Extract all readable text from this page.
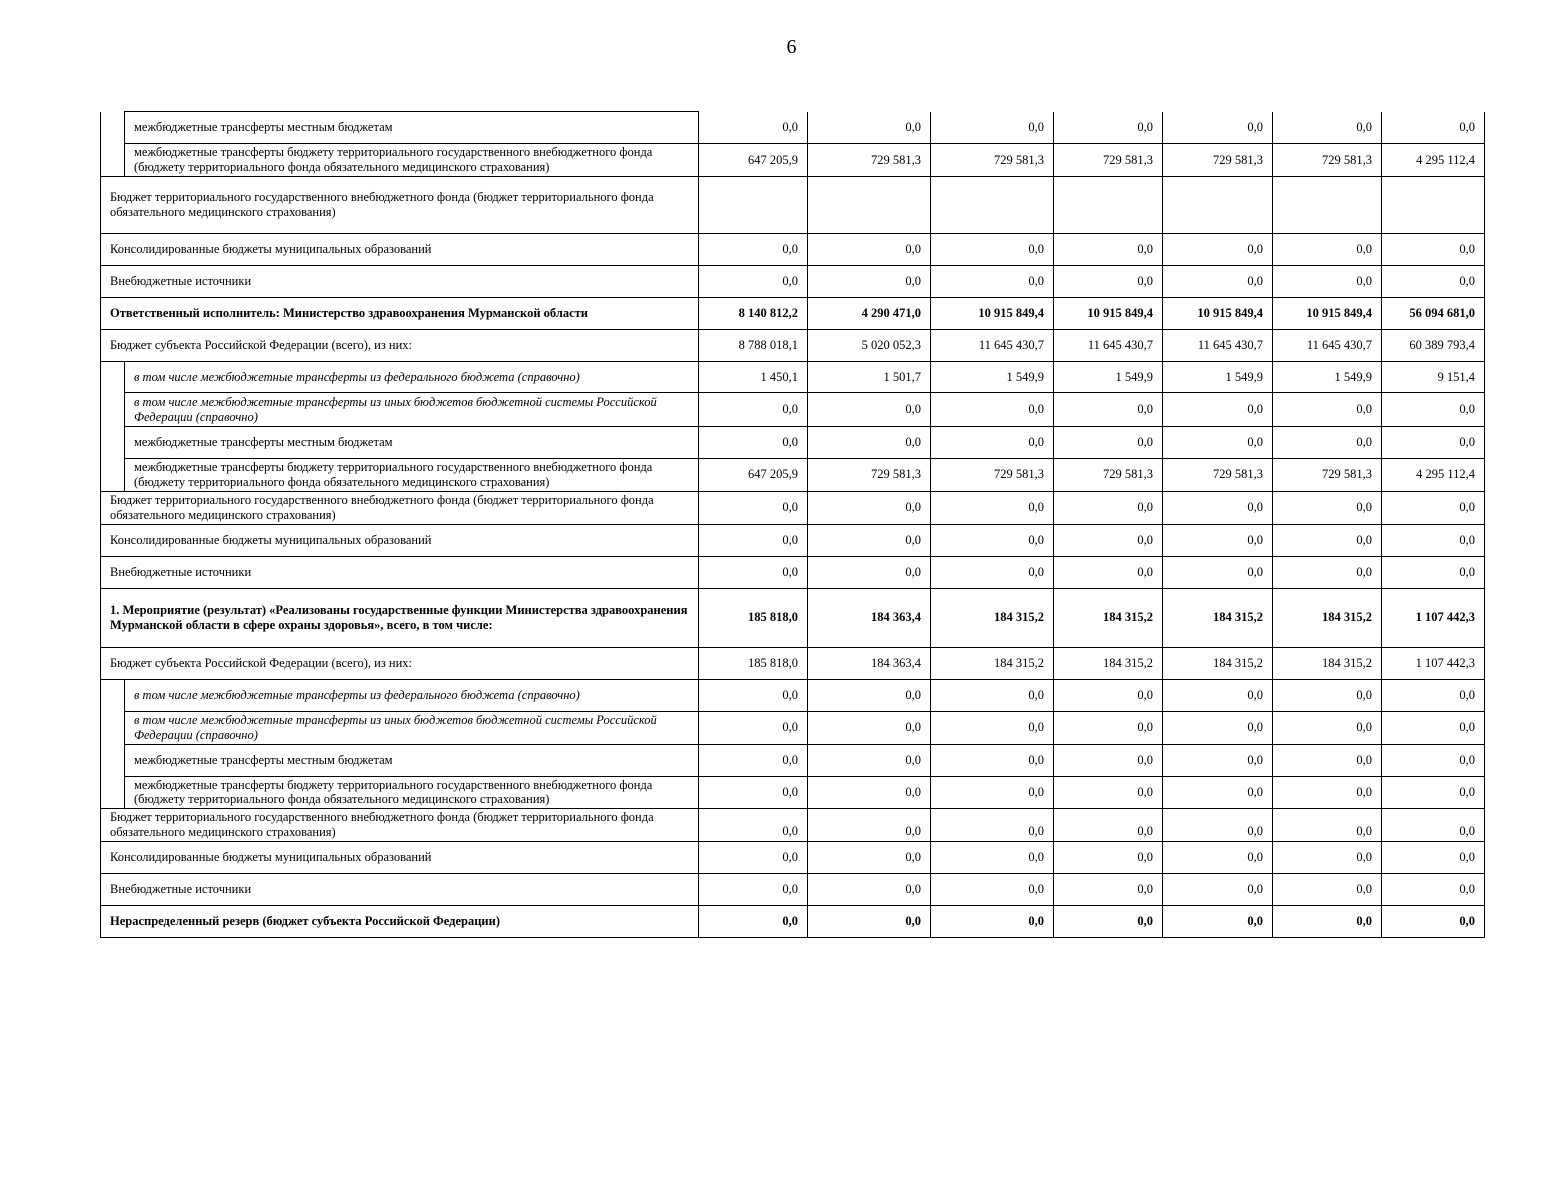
6
	межбюджетные трансферты местным бюджетам	0,0	0,0	0,0	0,0	0,0	0,0	0,0
	межбюджетные трансферты бюджету территориального государственного внебюджетного фонда (бюджету территориального фонда обязательного медицинского страхования)	647 205,9	729 581,3	729 581,3	729 581,3	729 581,3	729 581,3	4 295 112,4
Бюджет территориального государственного внебюджетного фонда (бюджет территориального фонда обязательного медицинского страхования)								
Консолидированные бюджеты муниципальных образований		0,0	0,0	0,0	0,0	0,0	0,0	0,0
Внебюджетные источники		0,0	0,0	0,0	0,0	0,0	0,0	0,0
Ответственный исполнитель: Министерство здравоохранения Мурманской области		8 140 812,2	4 290 471,0	10 915 849,4	10 915 849,4	10 915 849,4	10 915 849,4	56 094 681,0
Бюджет субъекта Российской Федерации (всего), из них:		8 788 018,1	5 020 052,3	11 645 430,7	11 645 430,7	11 645 430,7	11 645 430,7	60 389 793,4
	в том числе межбюджетные трансферты из федерального бюджета (справочно)	1 450,1	1 501,7	1 549,9	1 549,9	1 549,9	1 549,9	9 151,4
	в том числе межбюджетные трансферты из иных бюджетов бюджетной системы Российской Федерации (справочно)	0,0	0,0	0,0	0,0	0,0	0,0	0,0
	межбюджетные трансферты местным бюджетам	0,0	0,0	0,0	0,0	0,0	0,0	0,0
	межбюджетные трансферты бюджету территориального государственного внебюджетного фонда (бюджету территориального фонда обязательного медицинского страхования)	647 205,9	729 581,3	729 581,3	729 581,3	729 581,3	729 581,3	4 295 112,4
Бюджет территориального государственного внебюджетного фонда (бюджет территориального фонда обязательного медицинского страхования)		0,0	0,0	0,0	0,0	0,0	0,0	0,0
Консолидированные бюджеты муниципальных образований		0,0	0,0	0,0	0,0	0,0	0,0	0,0
Внебюджетные источники		0,0	0,0	0,0	0,0	0,0	0,0	0,0
1. Мероприятие (результат) «Реализованы государственные функции Министерства здравоохранения Мурманской области в сфере охраны здоровья», всего, в том числе:		185 818,0	184 363,4	184 315,2	184 315,2	184 315,2	184 315,2	1 107 442,3
Бюджет субъекта Российской Федерации (всего), из них:		185 818,0	184 363,4	184 315,2	184 315,2	184 315,2	184 315,2	1 107 442,3
	в том числе межбюджетные трансферты из федерального бюджета (справочно)	0,0	0,0	0,0	0,0	0,0	0,0	0,0
	в том числе межбюджетные трансферты из иных бюджетов бюджетной системы Российской Федерации (справочно)	0,0	0,0	0,0	0,0	0,0	0,0	0,0
	межбюджетные трансферты местным бюджетам	0,0	0,0	0,0	0,0	0,0	0,0	0,0
	межбюджетные трансферты бюджету территориального государственного внебюджетного фонда (бюджету территориального фонда обязательного медицинского страхования)	0,0	0,0	0,0	0,0	0,0	0,0	0,0
Бюджет территориального государственного внебюджетного фонда (бюджет территориального фонда обязательного медицинского страхования)		0,0	0,0	0,0	0,0	0,0	0,0	0,0
Консолидированные бюджеты муниципальных образований		0,0	0,0	0,0	0,0	0,0	0,0	0,0
Внебюджетные источники		0,0	0,0	0,0	0,0	0,0	0,0	0,0
Нераспределенный резерв (бюджет субъекта Российской Федерации)		0,0	0,0	0,0	0,0	0,0	0,0	0,0
